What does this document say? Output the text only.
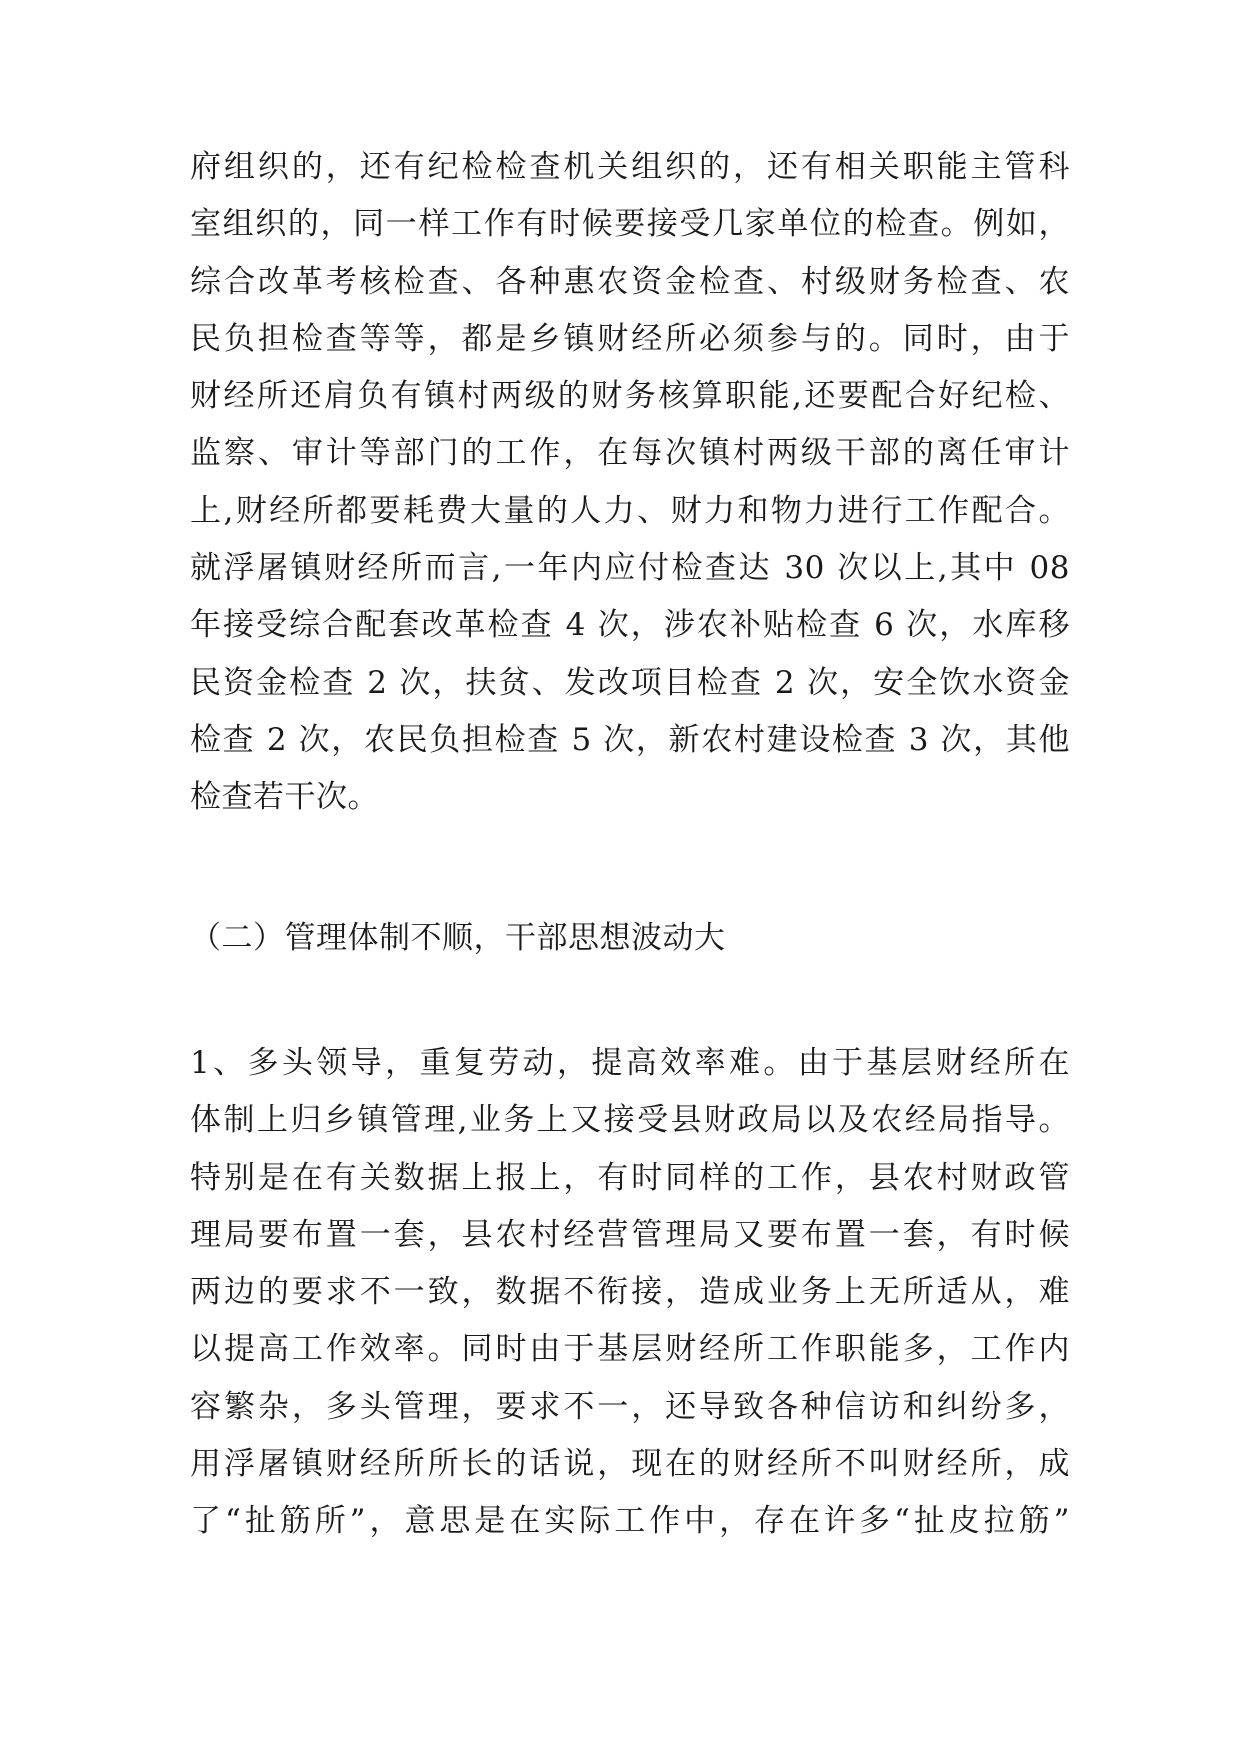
府组织的，还有纪检检查机关组织的，还有相关职能主管科
室组织的，同一样工作有时候要接受几家单位的检查。例如，
综合改革考核检查、各种惠农资金检查、村级财务检查、农
民负担检查等等，都是乡镇财经所必须参与的。同时，由于
财经所还肩负有镇村两级的财务核算职能,还要配合好纪检、
监察、审计等部门的工作，在每次镇村两级干部的离任审计
上,财经所都要耗费大量的人力、财力和物力进行工作配合。
就浮屠镇财经所而言,一年内应付检查达 30 次以上,其中 08
年接受综合配套改革检查 4 次，涉农补贴检查 6 次，水库移
民资金检查 2 次，扶贫、发改项目检查 2 次，安全饮水资金
检查 2 次，农民负担检查 5 次，新农村建设检查 3 次，其他
检查若干次。
（二）管理体制不顺，干部思想波动大
1、多头领导，重复劳动，提高效率难。由于基层财经所在
体制上归乡镇管理,业务上又接受县财政局以及农经局指导。
特别是在有关数据上报上，有时同样的工作，县农村财政管
理局要布置一套，县农村经营管理局又要布置一套，有时候
两边的要求不一致，数据不衔接，造成业务上无所适从，难
以提高工作效率。同时由于基层财经所工作职能多，工作内
容繁杂，多头管理，要求不一，还导致各种信访和纠纷多，
用浮屠镇财经所所长的话说，现在的财经所不叫财经所，成
了“扯筋所”，意思是在实际工作中，存在许多“扯皮拉筋”
